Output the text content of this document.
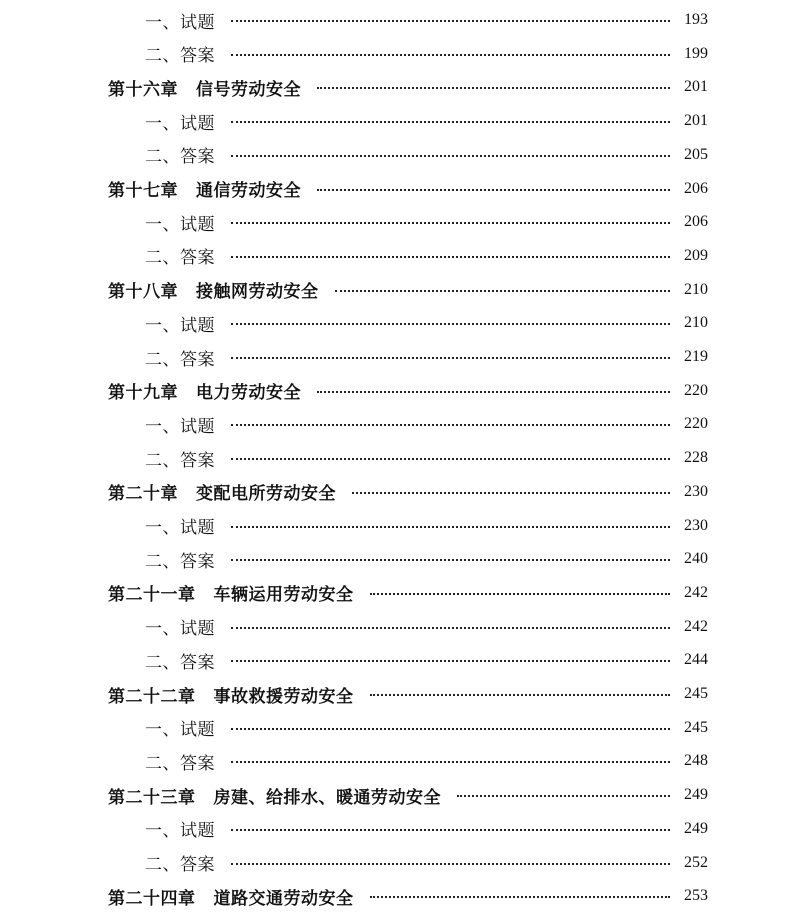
一、试题	193
二、答案	199
第十六章 信号劳动安全	201
一、试题	201
二、答案	205
第十七章 通信劳动安全	206
一、试题	206
二、答案	209
第十八章 接触网劳动安全	210
一、试题	210
二、答案	219
第十九章 电力劳动安全	220
一、试题	220
二、答案	228
第二十章 变配电所劳动安全	230
一、试题	230
二、答案	240
第二十一章 车辆运用劳动安全	242
一、试题	242
二、答案	244
第二十二章 事故救援劳动安全	245
一、试题	245
二、答案	248
第二十三章 房建、给排水、暖通劳动安全	249
一、试题	249
二、答案	252
第二十四章 道路交通劳动安全	253
